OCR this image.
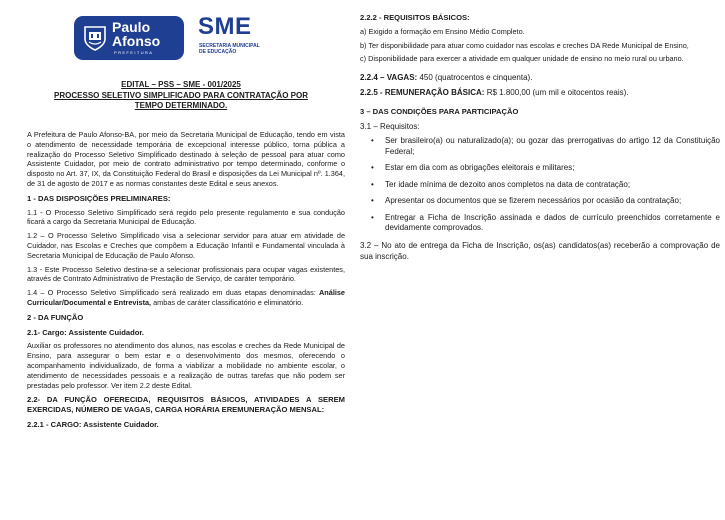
Paulo
Afonso
PREFEITURA
SME
SECRETARIA MUNICIPAL
DE EDUCAÇÃO
EDITAL – PSS – SME - 001/2025
PROCESSO SELETIVO SIMPLIFICADO PARA CONTRATAÇÃO POR
TEMPO DETERMINADO.

A Prefeitura de Paulo Afonso-BA, por meio da Secretaria Municipal de Educação, tendo em vista o atendimento de necessidade temporária de excepcional interesse público, torna pública a realização do Processo Seletivo Simplificado destinado à seleção de pessoal para atuar como Assistente Cuidador, por meio de contrato administrativo por tempo determinado, conforme o disposto no Art. 37, IX, da Constituição Federal do Brasil e disposições da Lei Municipal nº. 1.364, de 31 de agosto de 2017 e as normas constantes deste Edital e seus anexos.

1 - DAS DISPOSIÇÕES PRELIMINARES:

1.1 - O Processo Seletivo Simplificado será regido pelo presente regulamento e sua condução ficará a cargo da Secretaria Municipal de Educação.

1.2 – O Processo Seletivo Simplificado visa a selecionar servidor para atuar em atividade de Cuidador, nas Escolas e Creches que compõem a Educação Infantil e Fundamental vinculada à Secretaria Municipal de Educação de Paulo Afonso.

1.3 - Este Processo Seletivo destina-se a selecionar profissionais para ocupar vagas existentes, através de Contrato Administrativo de Prestação de Serviço, de caráter temporário.

1.4 – O Processo Seletivo Simplificado será realizado em duas etapas denominadas: Análise Curricular/Documental e Entrevista, ambas de caráter classificatório e eliminatório.

2 - DA FUNÇÃO
2.1- Cargo: Assistente Cuidador.

Auxiliar os professores no atendimento dos alunos, nas escolas e creches da Rede Municipal de Ensino, para assegurar o bem estar e o desenvolvimento dos mesmos, oferecendo o acompanhamento individualizado, de forma a viabilizar a mobilidade no ambiente escolar, o atendimento de necessidades pessoais e a realização de outras tarefas que não podem ser prestadas pelo professor. Ver item 2.2 deste Edital.

2.2- DA FUNÇÃO OFERECIDA, REQUISITOS BÁSICOS, ATIVIDADES A SEREM EXERCIDAS, NÚMERO DE VAGAS, CARGA HORÁRIA EREMUNERAÇÃO MENSAL:
2.2.1 - CARGO: Assistente Cuidador.
2.2.2 - REQUISITOS BÁSICOS:

a) Exigido a formação em Ensino Médio Completo.

b) Ter disponibilidade para atuar como cuidador nas escolas e creches DA Rede Municipal de Ensino,

c) Disponibilidade para exercer a atividade em qualquer unidade de ensino no meio rural ou urbano.

2.2.4 – VAGAS: 450 (quatrocentos e cinquenta).

2.2.5 - REMUNERAÇÃO BÁSICA: R$ 1.800,00 (um mil e oitocentos reais).

3 – DAS CONDIÇÕES PARA PARTICIPAÇÃO

3.1 – Requisitos:

• Ser brasileiro(a) ou naturalizado(a); ou gozar das prerrogativas do artigo 12 da Constituição Federal;
• Estar em dia com as obrigações eleitorais e militares;
• Ter idade mínima de dezoito anos completos na data de contratação;
• Apresentar os documentos que se fizerem necessários por ocasião da contratação;
• Entregar a Ficha de Inscrição assinada e dados de currículo preenchidos corretamente e devidamente comprovados.

3.2 – No ato de entrega da Ficha de Inscrição, os(as) candidatos(as) receberão a comprovação de sua inscrição.
